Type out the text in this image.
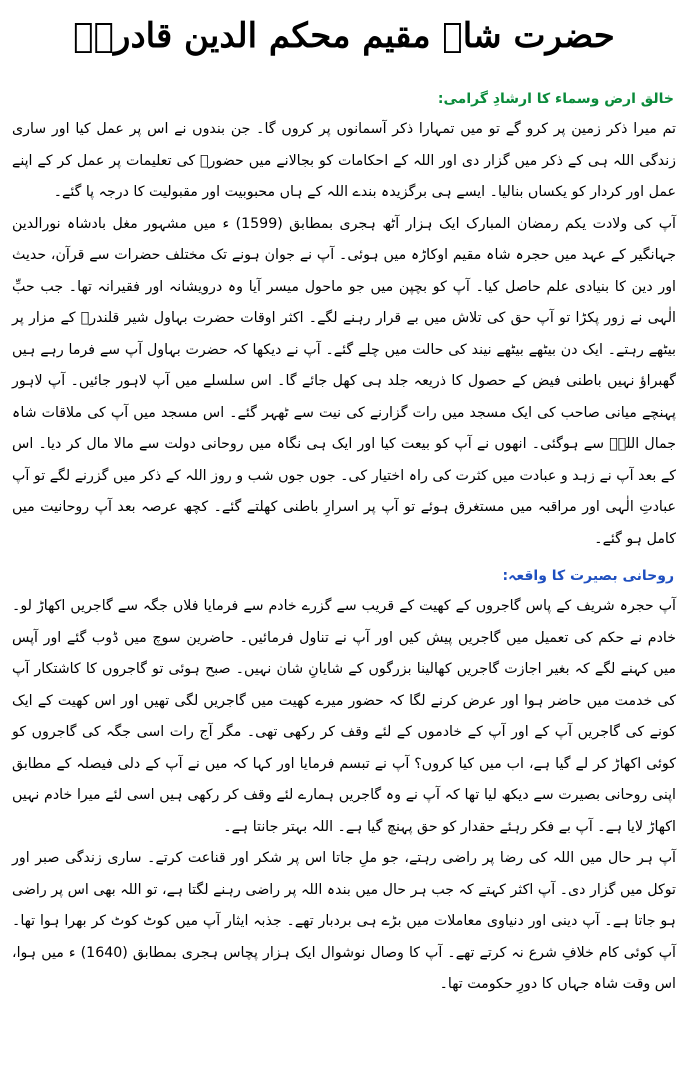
حضرت شاہ مقیم محکم الدین قادریؒ
خالق ارض وسماء کا ارشادِ گرامی:

تم میرا ذکر زمین پر کرو گے تو میں تمہارا ذکر آسمانوں پر کروں گا۔ جن بندوں نے اس پر عمل کیا اور ساری زندگی اللہ ہی کے ذکر میں گزار دی اور اللہ کے احکامات کو بجالانے میں حضورؐ کی تعلیمات پر عمل کر کے اپنے عمل اور کردار کو یکساں بنالیا۔ ایسے ہی برگزیدہ بندے اللہ کے ہاں محبوبیت اور مقبولیت کا درجہ پا گئے۔

آپ کی ولادت یکم رمضان المبارک ایک ہزار آٹھ ہجری بمطابق (1599) ء میں مشہور مغل بادشاہ نورالدین جہانگیر کے عہد میں حجرہ شاہ مقیم اوکاڑہ میں ہوئی۔ آپ نے جوان ہونے تک مختلف حضرات سے قرآن، حدیث اور دین کا بنیادی علم حاصل کیا۔ آپ کو بچپن میں جو ماحول میسر آیا وہ درویشانہ اور فقیرانہ تھا۔ جب حبِّ الٰہی نے زور پکڑا تو آپ حق کی تلاش میں بے قرار رہنے لگے۔ اکثر اوقات حضرت بہاول شیر قلندرؒ کے مزار پر بیٹھے رہتے۔ ایک دن بیٹھے بیٹھے نیند کی حالت میں چلے گئے۔ آپ نے دیکھا کہ حضرت بہاول آپ سے فرما رہے ہیں گھبراؤ نہیں باطنی فیض کے حصول کا ذریعہ جلد ہی کھل جائے گا۔ اس سلسلے میں آپ لاہور جائیں۔ آپ لاہور پہنچے میانی صاحب کی ایک مسجد میں رات گزارنے کی نیت سے ٹھہر گئے۔ اس مسجد میں آپ کی ملاقات شاہ جمال اللہؒ سے ہوگئی۔ انھوں نے آپ کو بیعت کیا اور ایک ہی نگاہ میں روحانی دولت سے مالا مال کر دیا۔ اس کے بعد آپ نے زہد و عبادت میں کثرت کی راہ اختیار کی۔ جوں جوں شب و روز اللہ کے ذکر میں گزرنے لگے تو آپ عبادتِ الٰہی اور مراقبہ میں مستغرق ہوئے تو آپ پر اسرارِ باطنی کھلتے گئے۔ کچھ عرصہ بعد آپ روحانیت میں کامل ہو گئے۔

روحانی بصیرت کا واقعہ:

آپ حجرہ شریف کے پاس گاجروں کے کھیت کے قریب سے گزرے خادم سے فرمایا فلاں جگہ سے گاجریں اکھاڑ لو۔ خادم نے حکم کی تعمیل میں گاجریں پیش کیں اور آپ نے تناول فرمائیں۔ حاضرین سوچ میں ڈوب گئے اور آپس میں کہنے لگے کہ بغیر اجازت گاجریں کھالینا بزرگوں کے شایانِ شان نہیں۔ صبح ہوئی تو گاجروں کا کاشتکار آپ کی خدمت میں حاضر ہوا اور عرض کرنے لگا کہ حضور میرے کھیت میں گاجریں لگی تھیں اور اس کھیت کے ایک کونے کی گاجریں آپ کے اور آپ کے خادموں کے لئے وقف کر رکھی تھی۔ مگر آج رات اسی جگہ کی گاجروں کو کوئی اکھاڑ کر لے گیا ہے، اب میں کیا کروں؟ آپ نے تبسم فرمایا اور کہا کہ میں نے آپ کے دلی فیصلہ کے مطابق اپنی روحانی بصیرت سے دیکھ لیا تھا کہ آپ نے وہ گاجریں ہمارے لئے وقف کر رکھی ہیں اسی لئے میرا خادم نہیں اکھاڑ لایا ہے۔ آپ بے فکر رہئے حقدار کو حق پہنچ گیا ہے۔ اللہ بہتر جانتا ہے۔

آپ ہر حال میں اللہ کی رضا پر راضی رہتے، جو ملِ جاتا اس پر شکر اور قناعت کرتے۔ ساری زندگی صبر اور توکل میں گزار دی۔ آپ اکثر کہتے کہ جب ہر حال میں بندہ اللہ پر راضی رہنے لگتا ہے، تو اللہ بھی اس پر راضی ہو جاتا ہے۔ آپ دینی اور دنیاوی معاملات میں بڑے ہی بردبار تھے۔ جذبہ ایثار آپ میں کوٹ کوٹ کر بھرا ہوا تھا۔ آپ کوئی کام خلافِ شرع نہ کرتے تھے۔ آپ کا وصال نوشوال ایک ہزار پچاس ہجری بمطابق (1640) ء میں ہوا، اس وقت شاہ جہاں کا دورِ حکومت تھا۔
